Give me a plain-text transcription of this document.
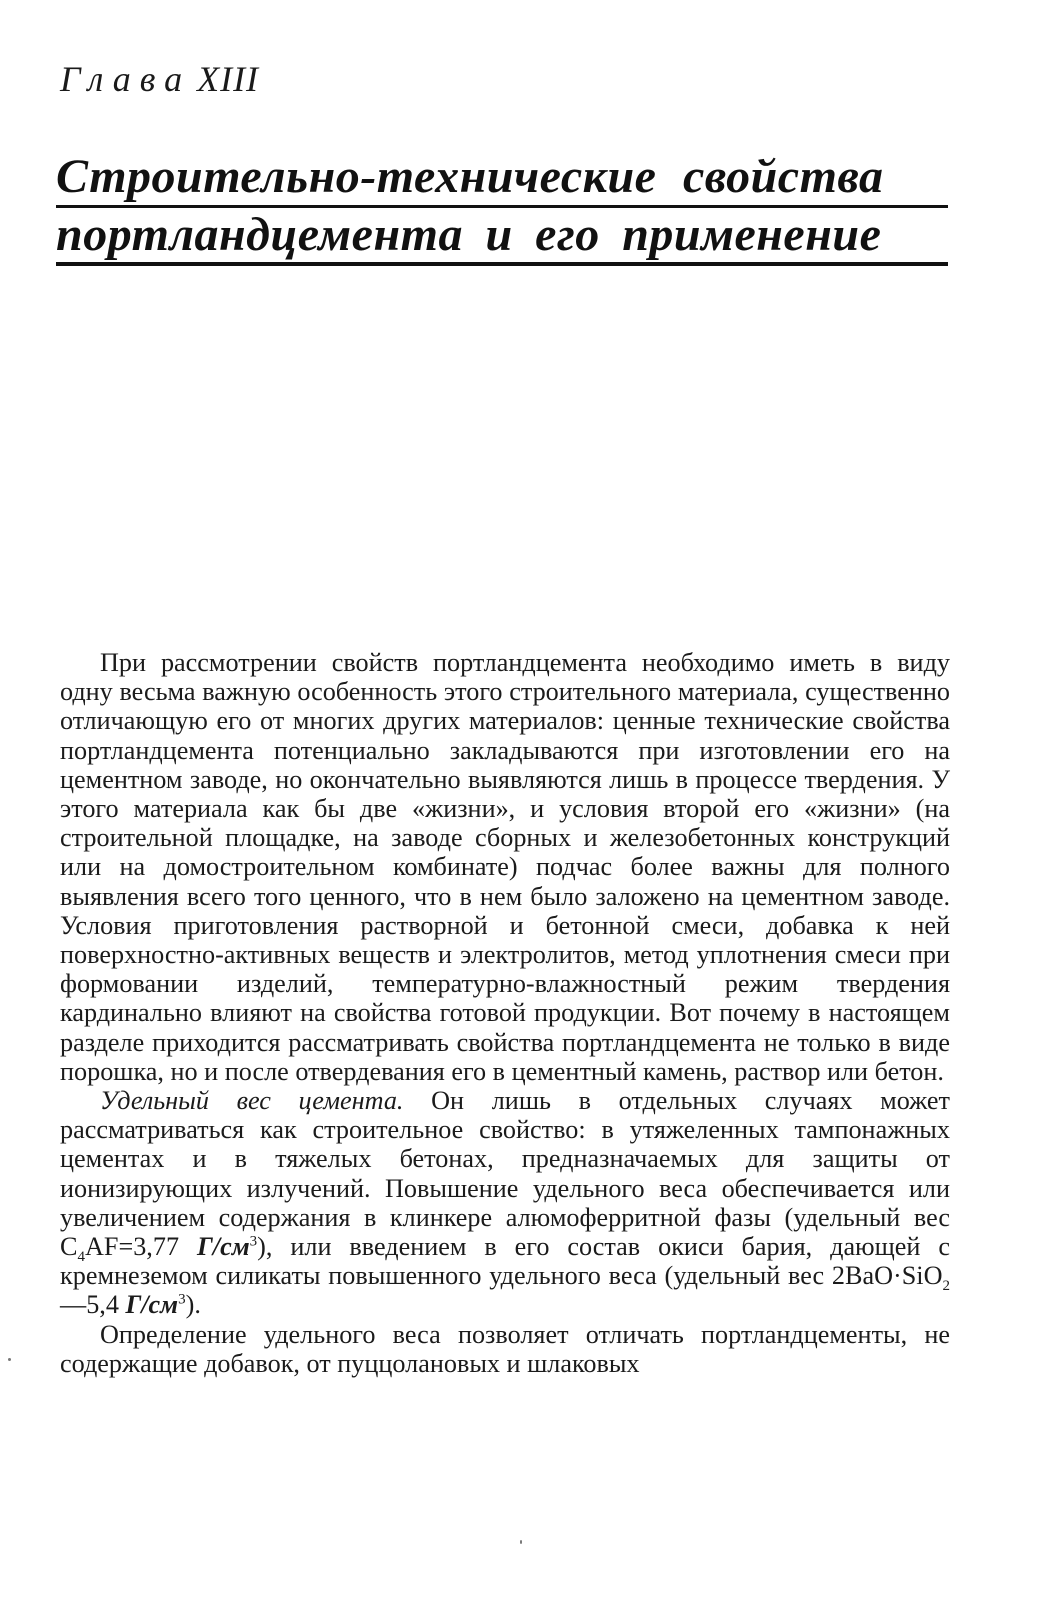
Глава XIII
Строительно-технические свойства
портландцемента и его применение

При рассмотрении свойств портландцемента необходимо иметь в виду одну весьма важную особенность этого строительного материала, существенно отличающую его от многих других материалов: ценные технические свойства портландцемента потенциально закладываются при изготовлении его на цементном заводе, но окончательно выявляются лишь в процессе твердения. У этого материала как бы две «жизни», и условия второй его «жизни» (на строительной площадке, на заводе сборных и железобетонных конструкций или на домостроительном комбинате) подчас более важны для полного выявления всего того ценного, что в нем было заложено на цементном заводе. Условия приготовления растворной и бетонной смеси, добавка к ней поверхностно-активных веществ и электролитов, метод уплотнения смеси при формовании изделий, температурно-влажностный режим твердения кардинально влияют на свойства готовой продукции. Вот почему в настоящем разделе приходится рассматривать свойства портландцемента не только в виде порошка, но и после отвердевания его в цементный камень, раствор или бетон.

Удельный вес цемента. Он лишь в отдельных случаях может рассматриваться как строительное свойство: в утяжеленных тампонажных цементах и в тяжелых бетонах, предназначаемых для защиты от ионизирующих излучений. Повышение удельного веса обеспечивается или увеличением содержания в клинкере алюмоферритной фазы (удельный вес $C_4AF=3,77$ $Г/см^3$), или введением в его состав окиси бария, дающей с кремнеземом силикаты повышенного удельного веса (удельный вес 2BaO·SiO$_2$—5,4 $Г/см^3$).

Определение удельного веса позволяет отличать портландцементы, не содержащие добавок, от пуццолановых и шлаковых
